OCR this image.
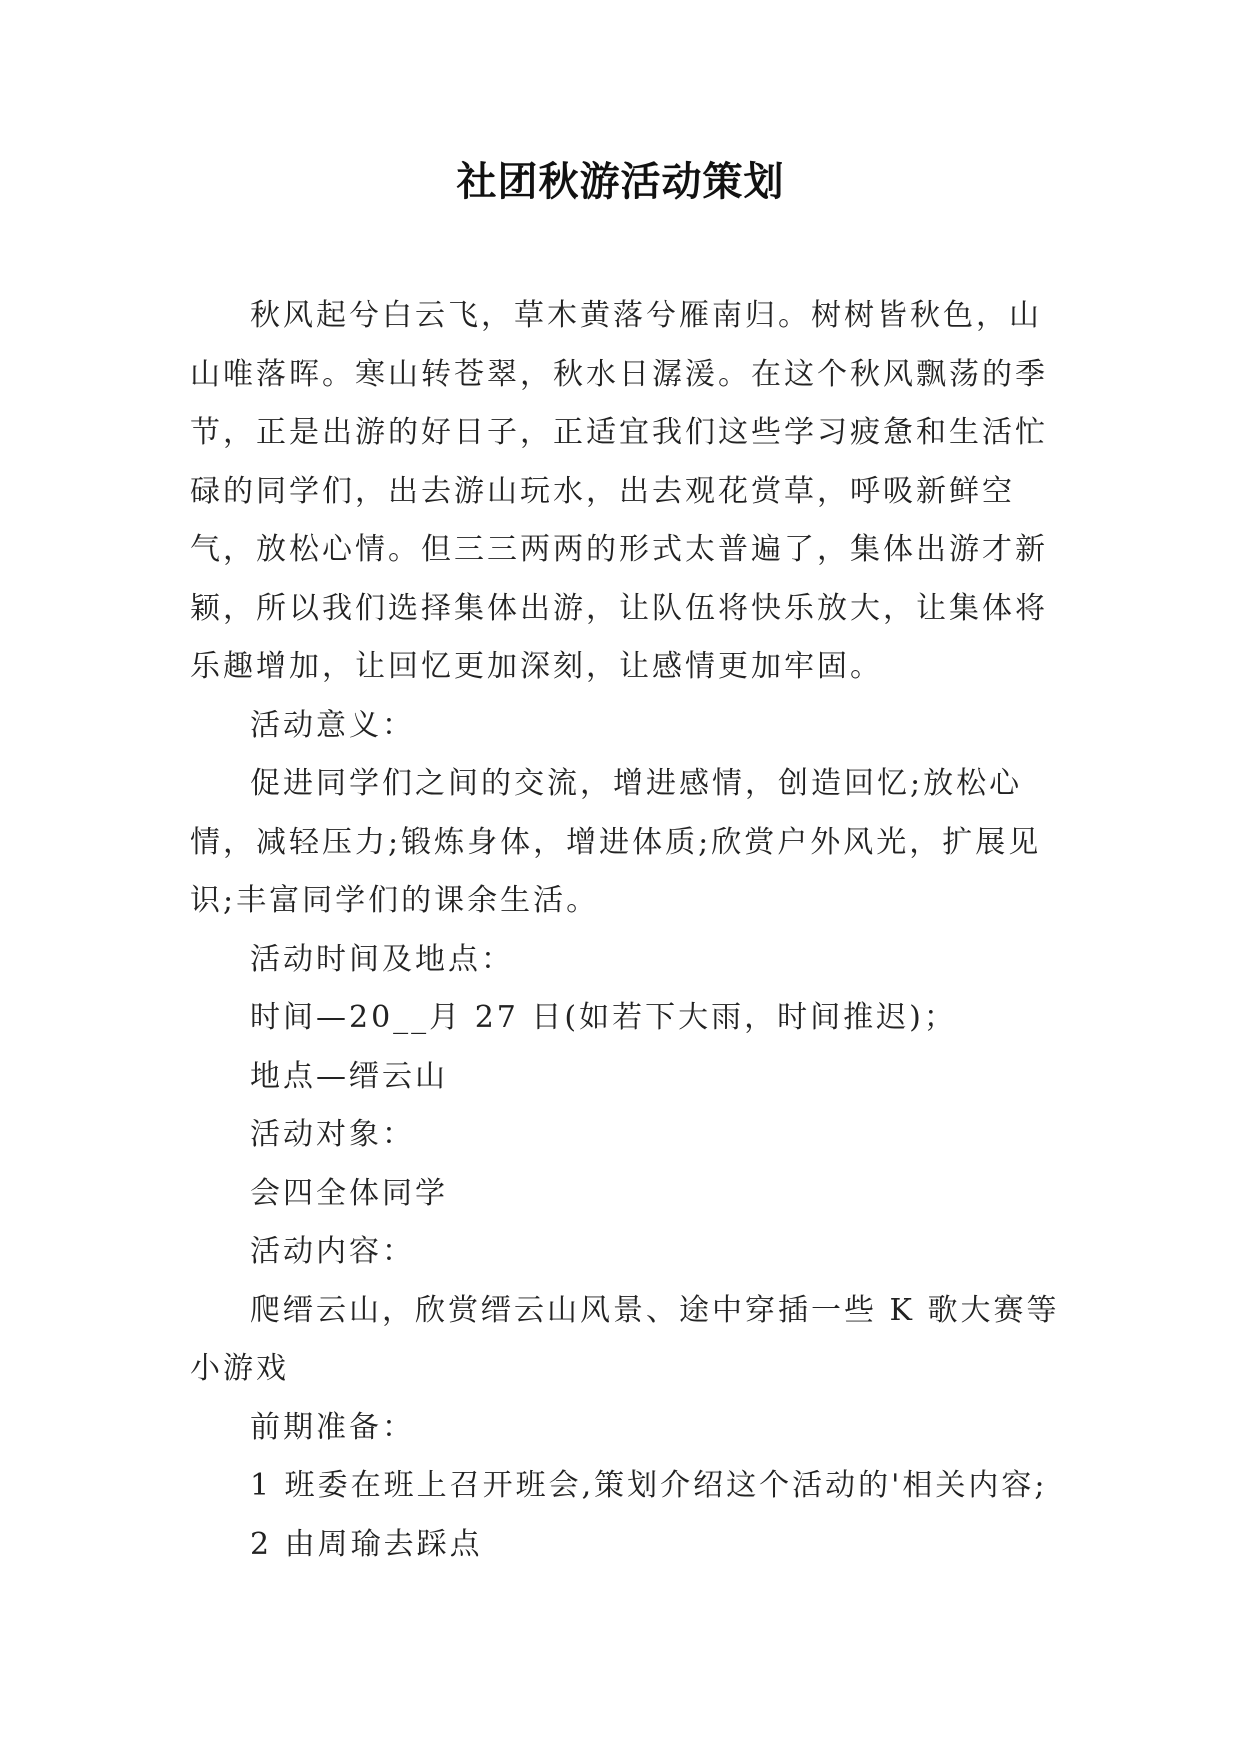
社团秋游活动策划

秋风起兮白云飞，草木黄落兮雁南归。树树皆秋色，山山唯落晖。寒山转苍翠，秋水日潺湲。在这个秋风飘荡的季节，正是出游的好日子，正适宜我们这些学习疲惫和生活忙碌的同学们，出去游山玩水，出去观花赏草，呼吸新鲜空气，放松心情。但三三两两的形式太普遍了，集体出游才新颖，所以我们选择集体出游，让队伍将快乐放大，让集体将乐趣增加，让回忆更加深刻，让感情更加牢固。

活动意义：

促进同学们之间的交流，增进感情，创造回忆;放松心情，减轻压力;锻炼身体，增进体质;欣赏户外风光，扩展见识;丰富同学们的课余生活。

活动时间及地点：

时间—20__月 27 日(如若下大雨，时间推迟)；

地点—缙云山

活动对象：

会四全体同学

活动内容：

爬缙云山，欣赏缙云山风景、途中穿插一些 K 歌大赛等小游戏

前期准备：

1 班委在班上召开班会,策划介绍这个活动的'相关内容;

2 由周瑜去踩点
